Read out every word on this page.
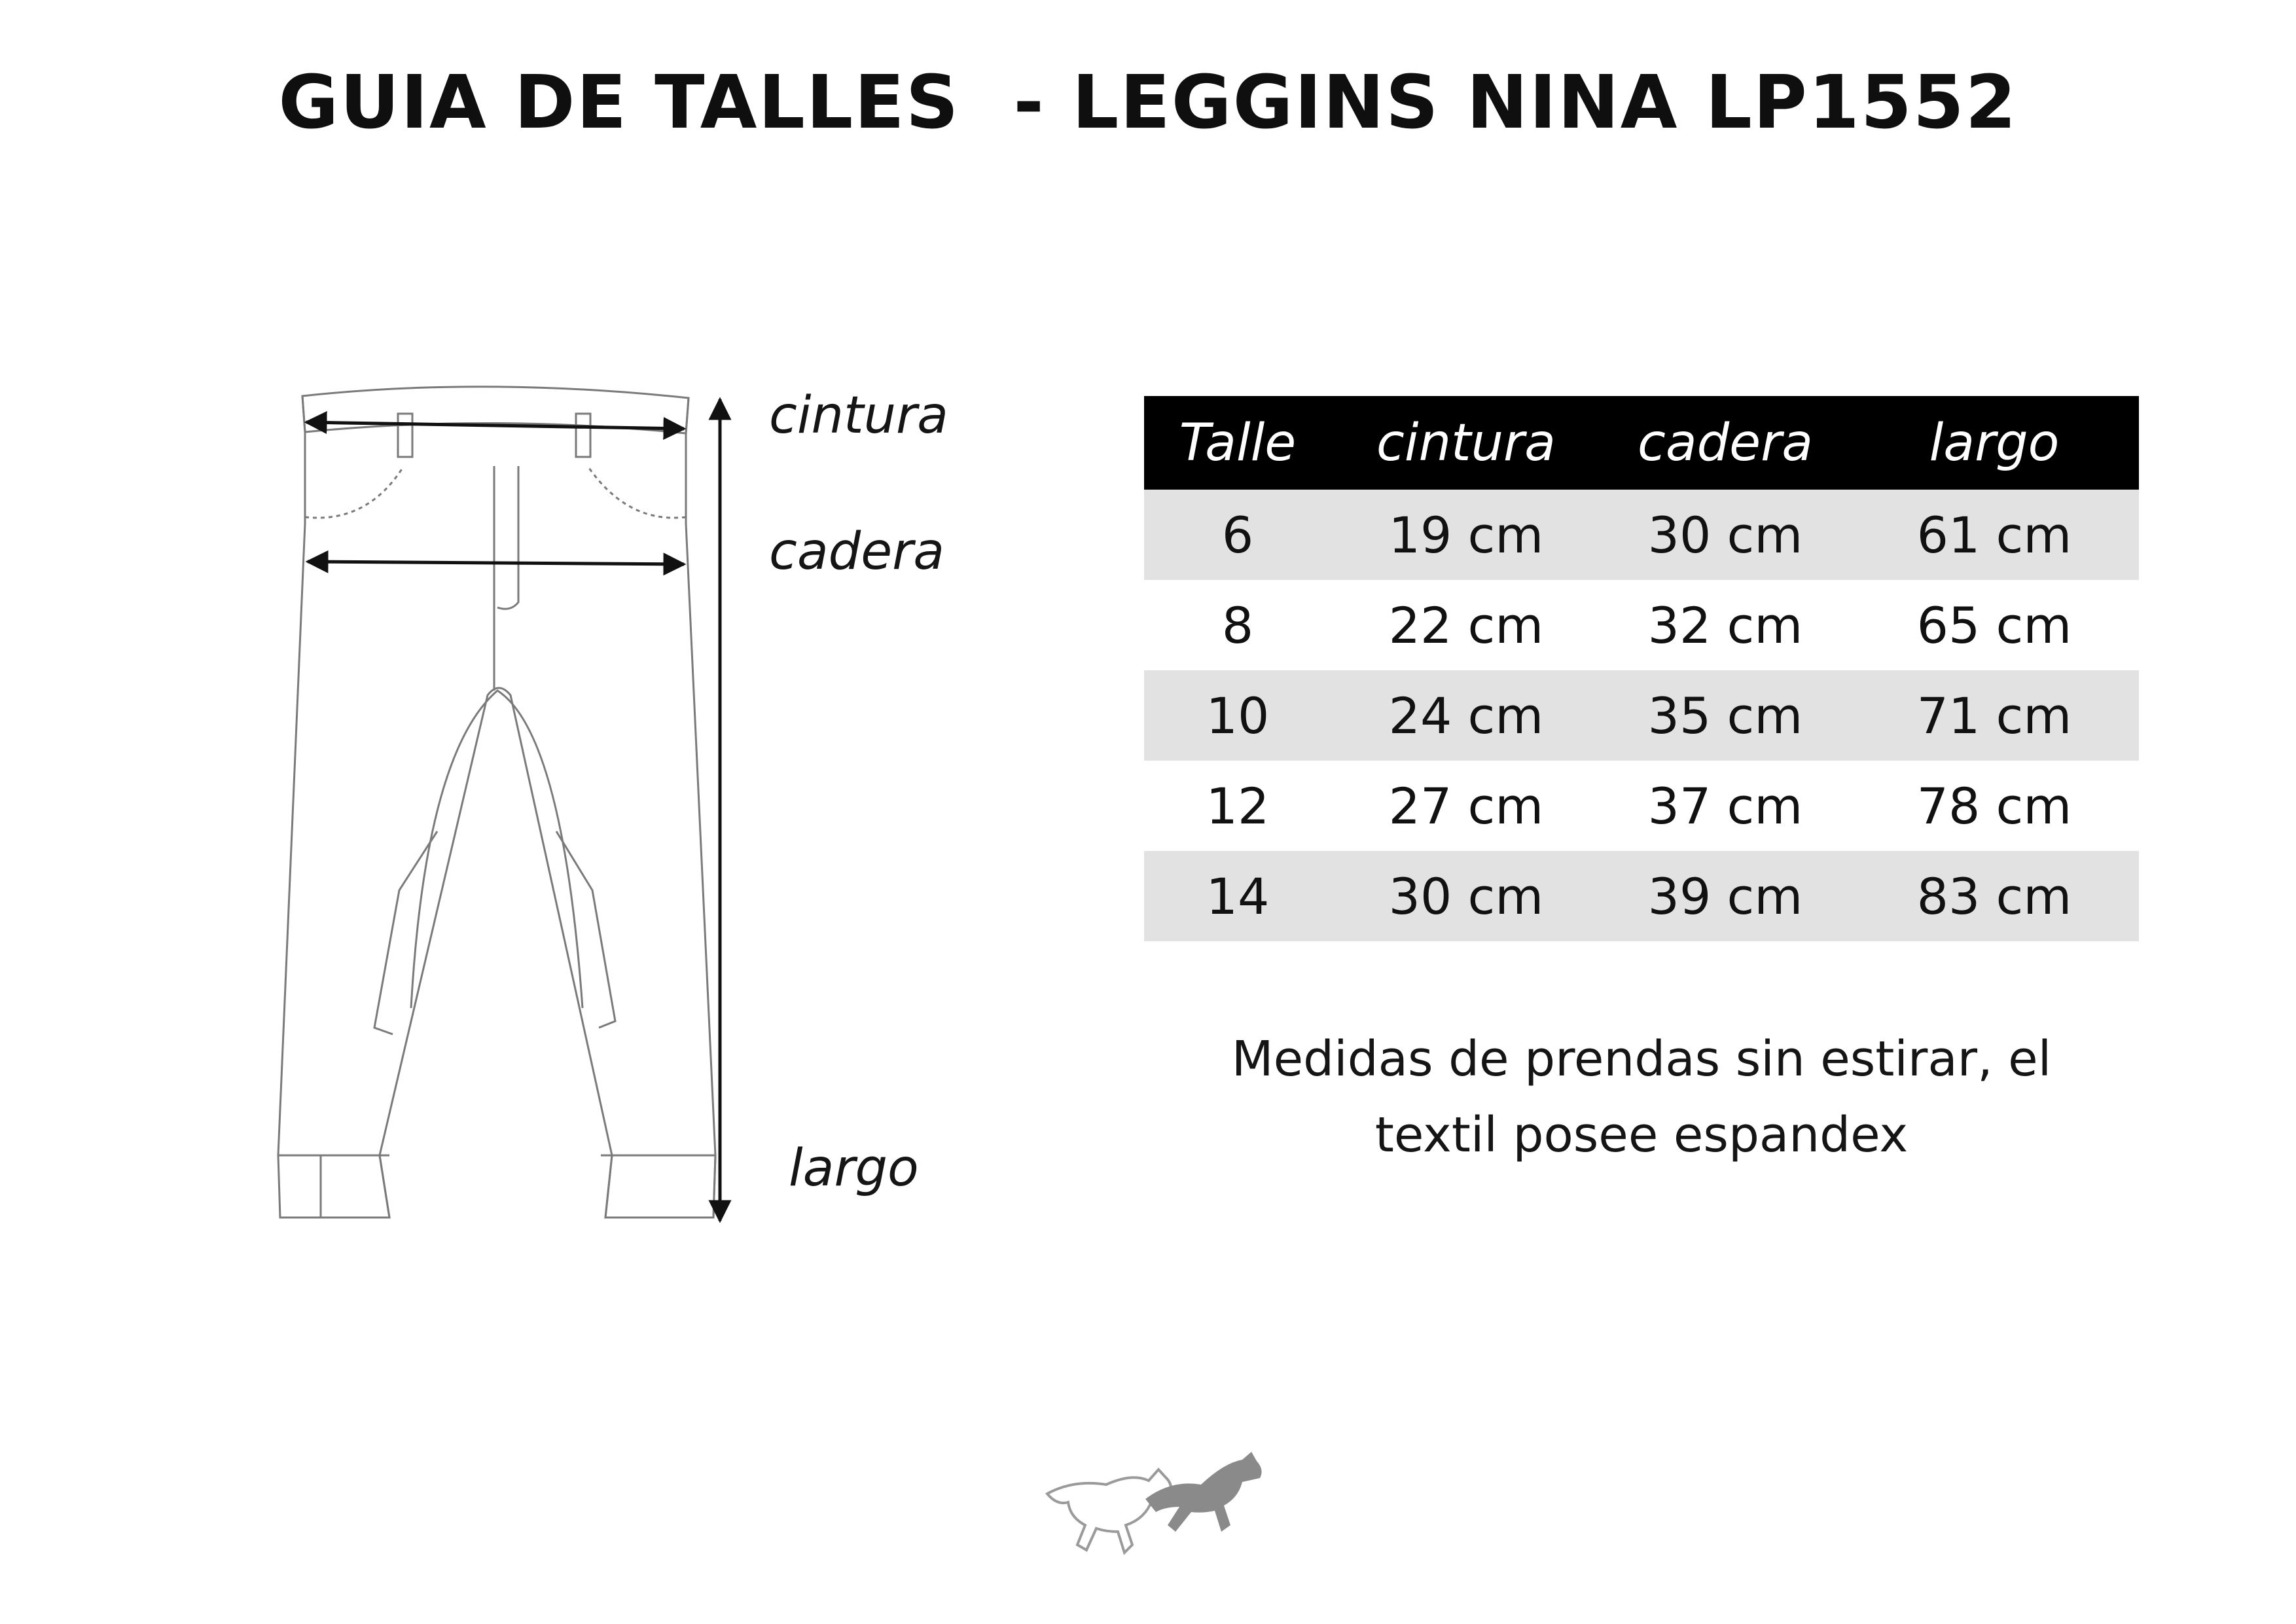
GUIA DE TALLES  - LEGGINS NINA LP1552
cintura
cadera
largo
Talle	cintura	cadera	largo
6	19 cm	30 cm	61 cm
8	22 cm	32 cm	65 cm
10	24 cm	35 cm	71 cm
12	27 cm	37 cm	78 cm
14	30 cm	39 cm	83 cm
Medidas de prendas sin estirar, el
textil posee espandex
